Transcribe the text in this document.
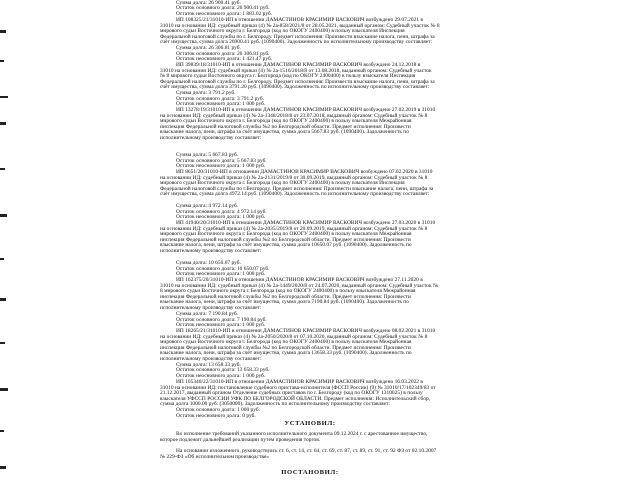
Сумма долга: 26 900.41 руб.
Остаток основного долга: 26 900.41 руб.
Остаток неосновного долга: 1 883.02 руб.
ИП 108325/21/31010-ИП в отношении ДАМАСТИНОВ КРАСИМИР ВАСКОВИЧ возбуждено 29.07.2021 в
31010 на основании ИД: судебный приказ (4) № 2а-858/2021/8 от 28.05.2021, выданный органом: Судебный участок № 8
мирового судьи Восточного округа г. Белгорода (код по ОКОГУ 2400400) в пользу взыскателя Инспекция
Федеральной налоговой службы по г. Белгороду. Предмет исполнения: Произвести взыскание налога, пени, штрафа за
счёт имущества, сумма долга 26900.41 руб. (1090400). Задолженность по исполнительному производству составляет:
Сумма долга: 26 306.81 руб.
Остаток основного долга: 26 306.81 руб.
Остаток неосновного долга: 1 421.47 руб.
ИП 39839/18/31010-ИП в отношении ДАМАСТИНОВ КРАСИМИР ВАСКОВИЧ возбуждено 24.12.2018 в
31010 на основании ИД: судебный приказ (4) № 2а-1516/2018/8 от 13.08.2018, выданный органом: Судебный участок
№ 8 мирового судьи Восточного округа г. Белгорода (код по ОКОГУ 2400400) в пользу взыскателя Инспекция
Федеральной налоговой службы по г. Белгороду. Предмет исполнения: Произвести взыскание налога, пени, штрафа за
счёт имущества, сумма долга 3791.20 руб. (1090400). Задолженность по исполнительному производству составляет:
Сумма долга: 3 791.2 руб.
Остаток основного долга: 3 791.2 руб.
Остаток неосновного долга: 1 000 руб.
ИП 13278/19/31010-ИП в отношении ДАМАСТИНОВ КРАСИМИР ВАСКОВИЧ возбуждено 27.02.2019 в 31010
на основании ИД: судебный приказ (4) № 2а-1348/2018/8 от 23.07.2018, выданный органом: Судебный участок № 8
мирового судьи Восточного округа г. Белгорода (код по ОКОГУ 2400400) в пользу взыскателя Межрайонная
инспекция Федеральной налоговой службы №2 по Белгородской области. Предмет исполнения: Произвести
взыскание налога, пени, штрафа за счёт имущества, сумма долга 5667.83 руб. (1090400). Задолженность по
исполнительному производству составляет:
Сумма долга: 5 667.83 руб.
Остаток основного долга: 5 667.83 руб.
Остаток неосновного долга: 1 000 руб.
ИП 8651/20/31010-ИП в отношении ДАМАСТИНОВ КРАСИМИР ВАСКОВИЧ возбуждено 07.02.2020 в 31010
на основании ИД: судебный приказ (4) № 2а-2131/2019/8 от 30.09.2019, выданный органом: Судебный участок № 8
мирового судьи Восточного округа г. Белгорода (код по ОКОГУ 2400400) в пользу взыскателя Инспекция
Федеральной налоговой службы по г.Белгороду. Предмет исполнения: Произвести взыскание налога, пени, штрафа за
счёт имущества, сумма долга 4972.14 руб. (1090400). Задолженность по исполнительному производству составляет:
Сумма долга: 4 972.14 руб.
Остаток основного долга: 4 972.14 руб.
Остаток неосновного долга: 1 000 руб.
ИП 41940/20/31010-ИП в отношении ДАМАСТИНОВ КРАСИМИР ВАСКОВИЧ возбуждено 27.03.2020 в 31010
на основании ИД: судебный приказ (4) № 2а-2035/2019/8 от 20.09.2019, выданный органом: Судебный участок № 8
мирового судьи Восточного округа г. Белгорода (код по ОКОГУ 2400400) в пользу взыскателя Межрайонная
инспекция Федеральной налоговой службы №2 по Белгородской области. Предмет исполнения: Произвести
взыскание налога, пени, штрафа за счёт имущества, сумма долга 10650.07 руб. (1090400). Задолженность по
исполнительному производству составляет:
Сумма долга: 10 650.07 руб.
Остаток основного долга: 10 650.07 руб.
Остаток неосновного долга: 1 000 руб.
ИП 162375/20/31010-ИП в отношении ДАМАСТИНОВ КРАСИМИР ВАСКОВИЧ возбуждено 27.11.2020 в
31010 на основании ИД: судебный приказ (4) № 2а-1449/2020/8 от 24.07.2020, выданный органом: Судебный участок №
8 мирового судьи Восточного округа г. Белгорода (код по ОКОГУ 2400400) в пользу взыскателя Межрайонная
инспекция Федеральной налоговой службы №2 по Белгородской области. Предмет исполнения: Произвести
взыскание налога, пени, штрафа за счёт имущества, сумма долга 7190.84 руб. (1090400). Задолженность по
исполнительному производству составляет:
Сумма долга: 7 190.84 руб.
Остаток основного долга: 7 190.84 руб.
Остаток неосновного долга: 1 000 руб.
ИП 18265/21/31010-ИП в отношении ДАМАСТИНОВ КРАСИМИР ВАСКОВИЧ возбуждено 08.02.2021 в 31010
на основании ИД: судебный приказ (4) № 2а-2050/2020/8 от 07.10.2020, выданный органом: Судебный участок № 8
мирового судьи Восточного округа г. Белгорода (код по ОКОГУ 2400400) в пользу взыскателя Межрайонная
инспекция Федеральной налоговой службы №2 по Белгородской области. Предмет исполнения: Произвести
взыскание налога, пени, штрафа за счёт имущества, сумма долга 13658.33 руб. (1090400). Задолженность по
исполнительному производству составляет:
Сумма долга: 13 658.33 руб.
Остаток основного долга: 13 658.33 руб.
Остаток неосновного долга: 1 000 руб.
ИП 105340/22/31010-ИП в отношении ДАМАСТИНОВ КРАСИМИР ВАСКОВИЧ возбуждено 16.03.2022 в
31010 на основании ИД: постановление судебного пристава-исполнителя (ФССП России) (9) № 31010/17/102349/83 от
21.12.2017, выданный органом Отделение судебных приставов по г. Белгороду (код по ОКОГУ 1310025) в пользу
взыскателя УФССП РОССИИ УФК ПО БЕЛГОРОДСКОЙ ОБЛАСТИ. Предмет исполнения: Исполнительский сбор,
сумма долга 1000.00 руб. (3050000). Задолженность по исполнительному производству составляет:
Остаток основного долга: 1 000 руб.
Остаток неосновного долга: 0 руб.
УСТАНОВИЛ:
Во исполнение требований указанного исполнительного документа 09.12.2024 г. с арестованное имущество,
которое подлежит дальнейшей реализации путем проведения торгов.
На основании изложенного, руководствуясь ст. 6, ст. 14, ст. 64, ст. 69, ст. 87, ст. 89, ст. 91, ст. 92 ФЗ от 02.10.2007
№ 229-ФЗ «Об исполнительном производстве»
ПОСТАНОВИЛ:
